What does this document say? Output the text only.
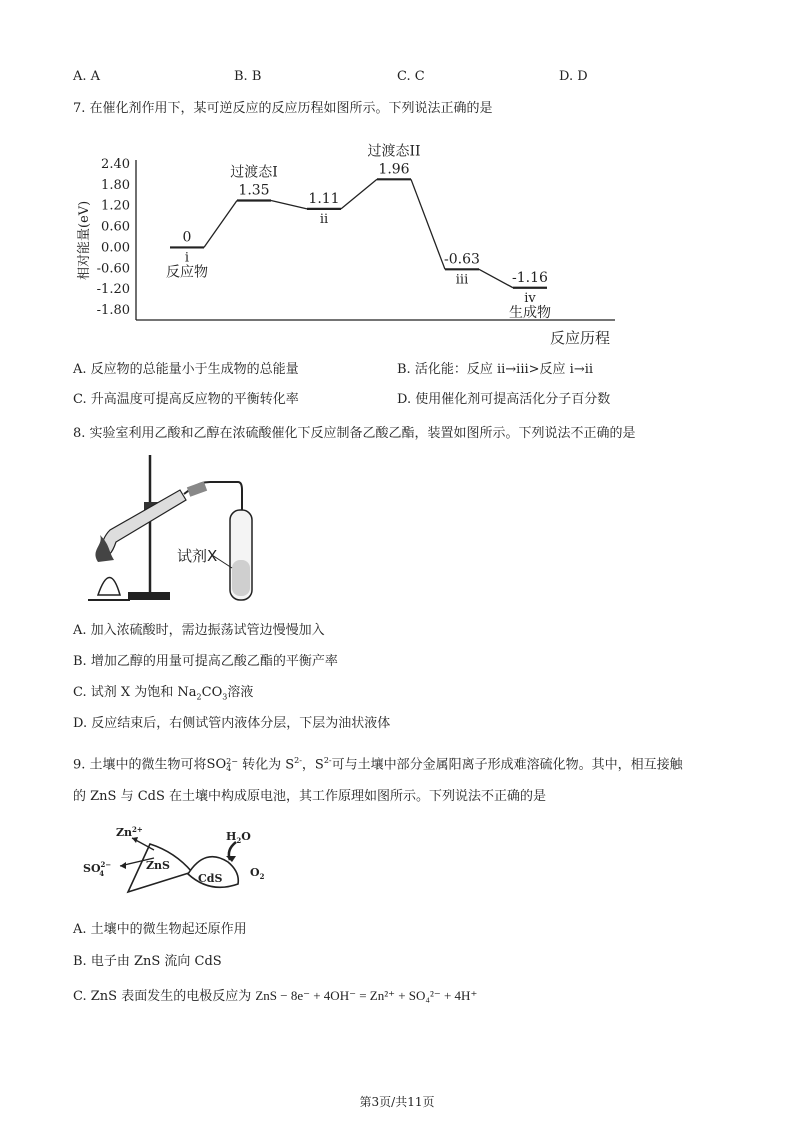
A. A	B. B	C. C	D. D
7. 在催化剂作用下，某可逆反应的反应历程如图所示。下列说法正确的是
2.40
1.80
1.20
0.60
0.00
-0.60
-1.20
-1.80
相对能量(eV)
反应历程
0
i
反应物
1.35
过渡态I
1.11
ii
1.96
过渡态II
-0.63
iii	-1.16
iv
生成物
A. 反应物的总能量小于生成物的总能量	B. 活化能：反应 ii→iii>反应 i→ii
C. 升高温度可提高反应物的平衡转化率	D. 使用催化剂可提高活化分子百分数
8. 实验室利用乙酸和乙醇在浓硫酸催化下反应制备乙酸乙酯，装置如图所示。下列说法不正确的是
试剂X
A. 加入浓硫酸时，需边振荡试管边慢慢加入
B. 增加乙醇的用量可提高乙酸乙酯的平衡产率
C. 试剂 X 为饱和 $Na_2CO_3$溶液
D. 反应结束后，右侧试管内液体分层，下层为油状液体
9. 土壤中的微生物可将SO2−
4 转化为 $S^{2-}$，$S^{2-}$可与土壤中部分金属阳离子形成难溶硫化物。其中，相互接触
的 ZnS 与 CdS 在土壤中构成原电池，其工作原理如图所示。下列说法不正确的是
$Zn^{2+}$
$SO^{2-}$ 4
ZnS
CdS
$H_2O$
$O_2$
A. 土壤中的微生物起还原作用
B. 电子由 ZnS 流向 CdS
C. ZnS 表面发生的电极反应为 ZnS − 8e⁻ + 4OH⁻ = Zn²⁺ + SO₄²⁻ + 4H⁺
第3页/共11页
